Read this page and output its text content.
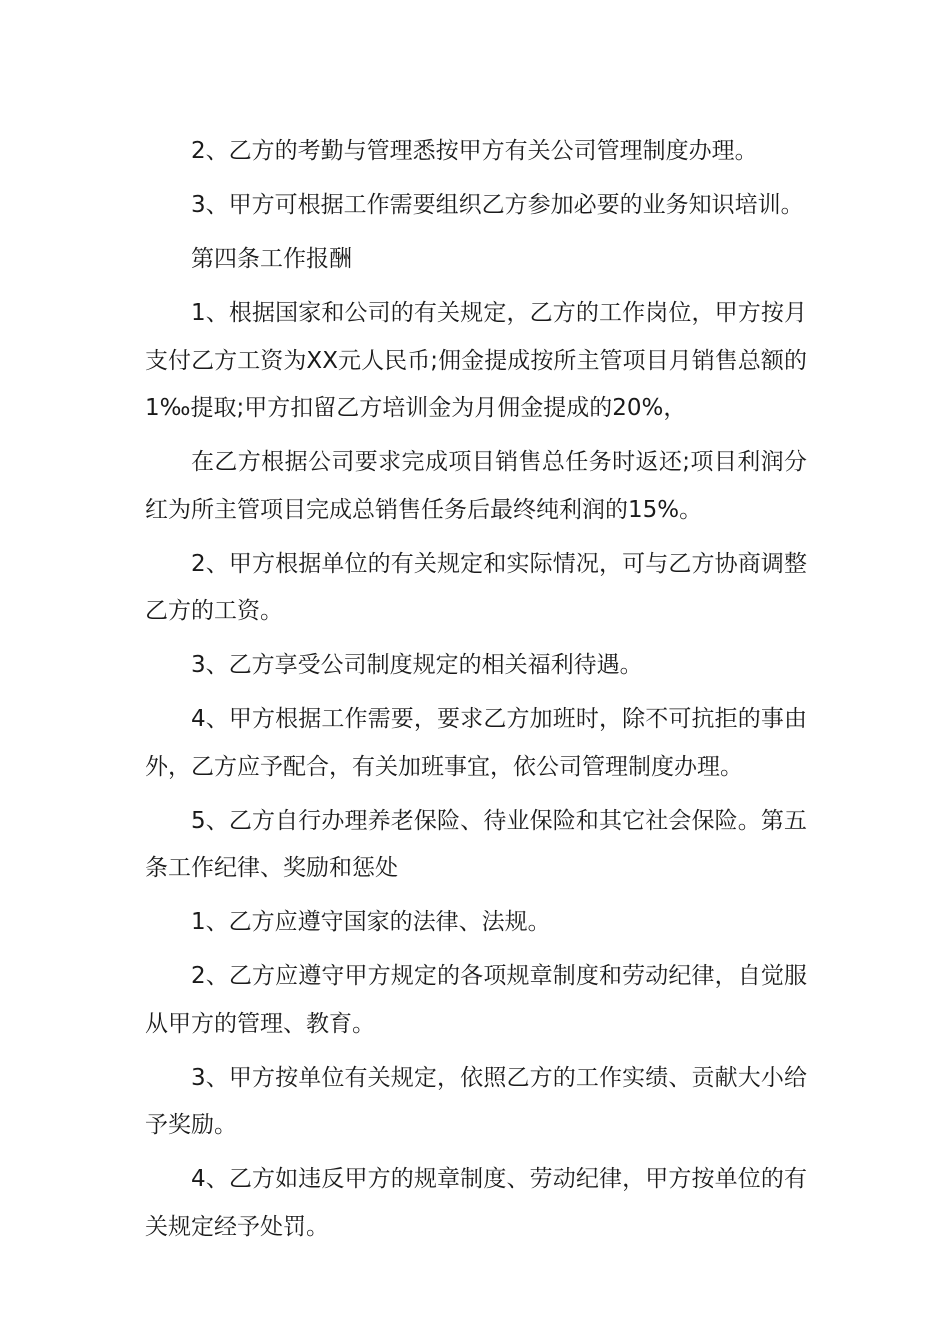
2、乙方的考勤与管理悉按甲方有关公司管理制度办理。

3、甲方可根据工作需要组织乙方参加必要的业务知识培训。

第四条工作报酬

1、根据国家和公司的有关规定，乙方的工作岗位，甲方按月支付乙方工资为XX元人民币;佣金提成按所主管项目月销售总额的1‰提取;甲方扣留乙方培训金为月佣金提成的20%，

在乙方根据公司要求完成项目销售总任务时返还;项目利润分红为所主管项目完成总销售任务后最终纯利润的15%。

2、甲方根据单位的有关规定和实际情况，可与乙方协商调整乙方的工资。

3、乙方享受公司制度规定的相关福利待遇。

4、甲方根据工作需要，要求乙方加班时，除不可抗拒的事由外，乙方应予配合，有关加班事宜，依公司管理制度办理。

5、乙方自行办理养老保险、待业保险和其它社会保险。第五条工作纪律、奖励和惩处

1、乙方应遵守国家的法律、法规。

2、乙方应遵守甲方规定的各项规章制度和劳动纪律，自觉服从甲方的管理、教育。

3、甲方按单位有关规定，依照乙方的工作实绩、贡献大小给予奖励。

4、乙方如违反甲方的规章制度、劳动纪律，甲方按单位的有关规定经予处罚。
